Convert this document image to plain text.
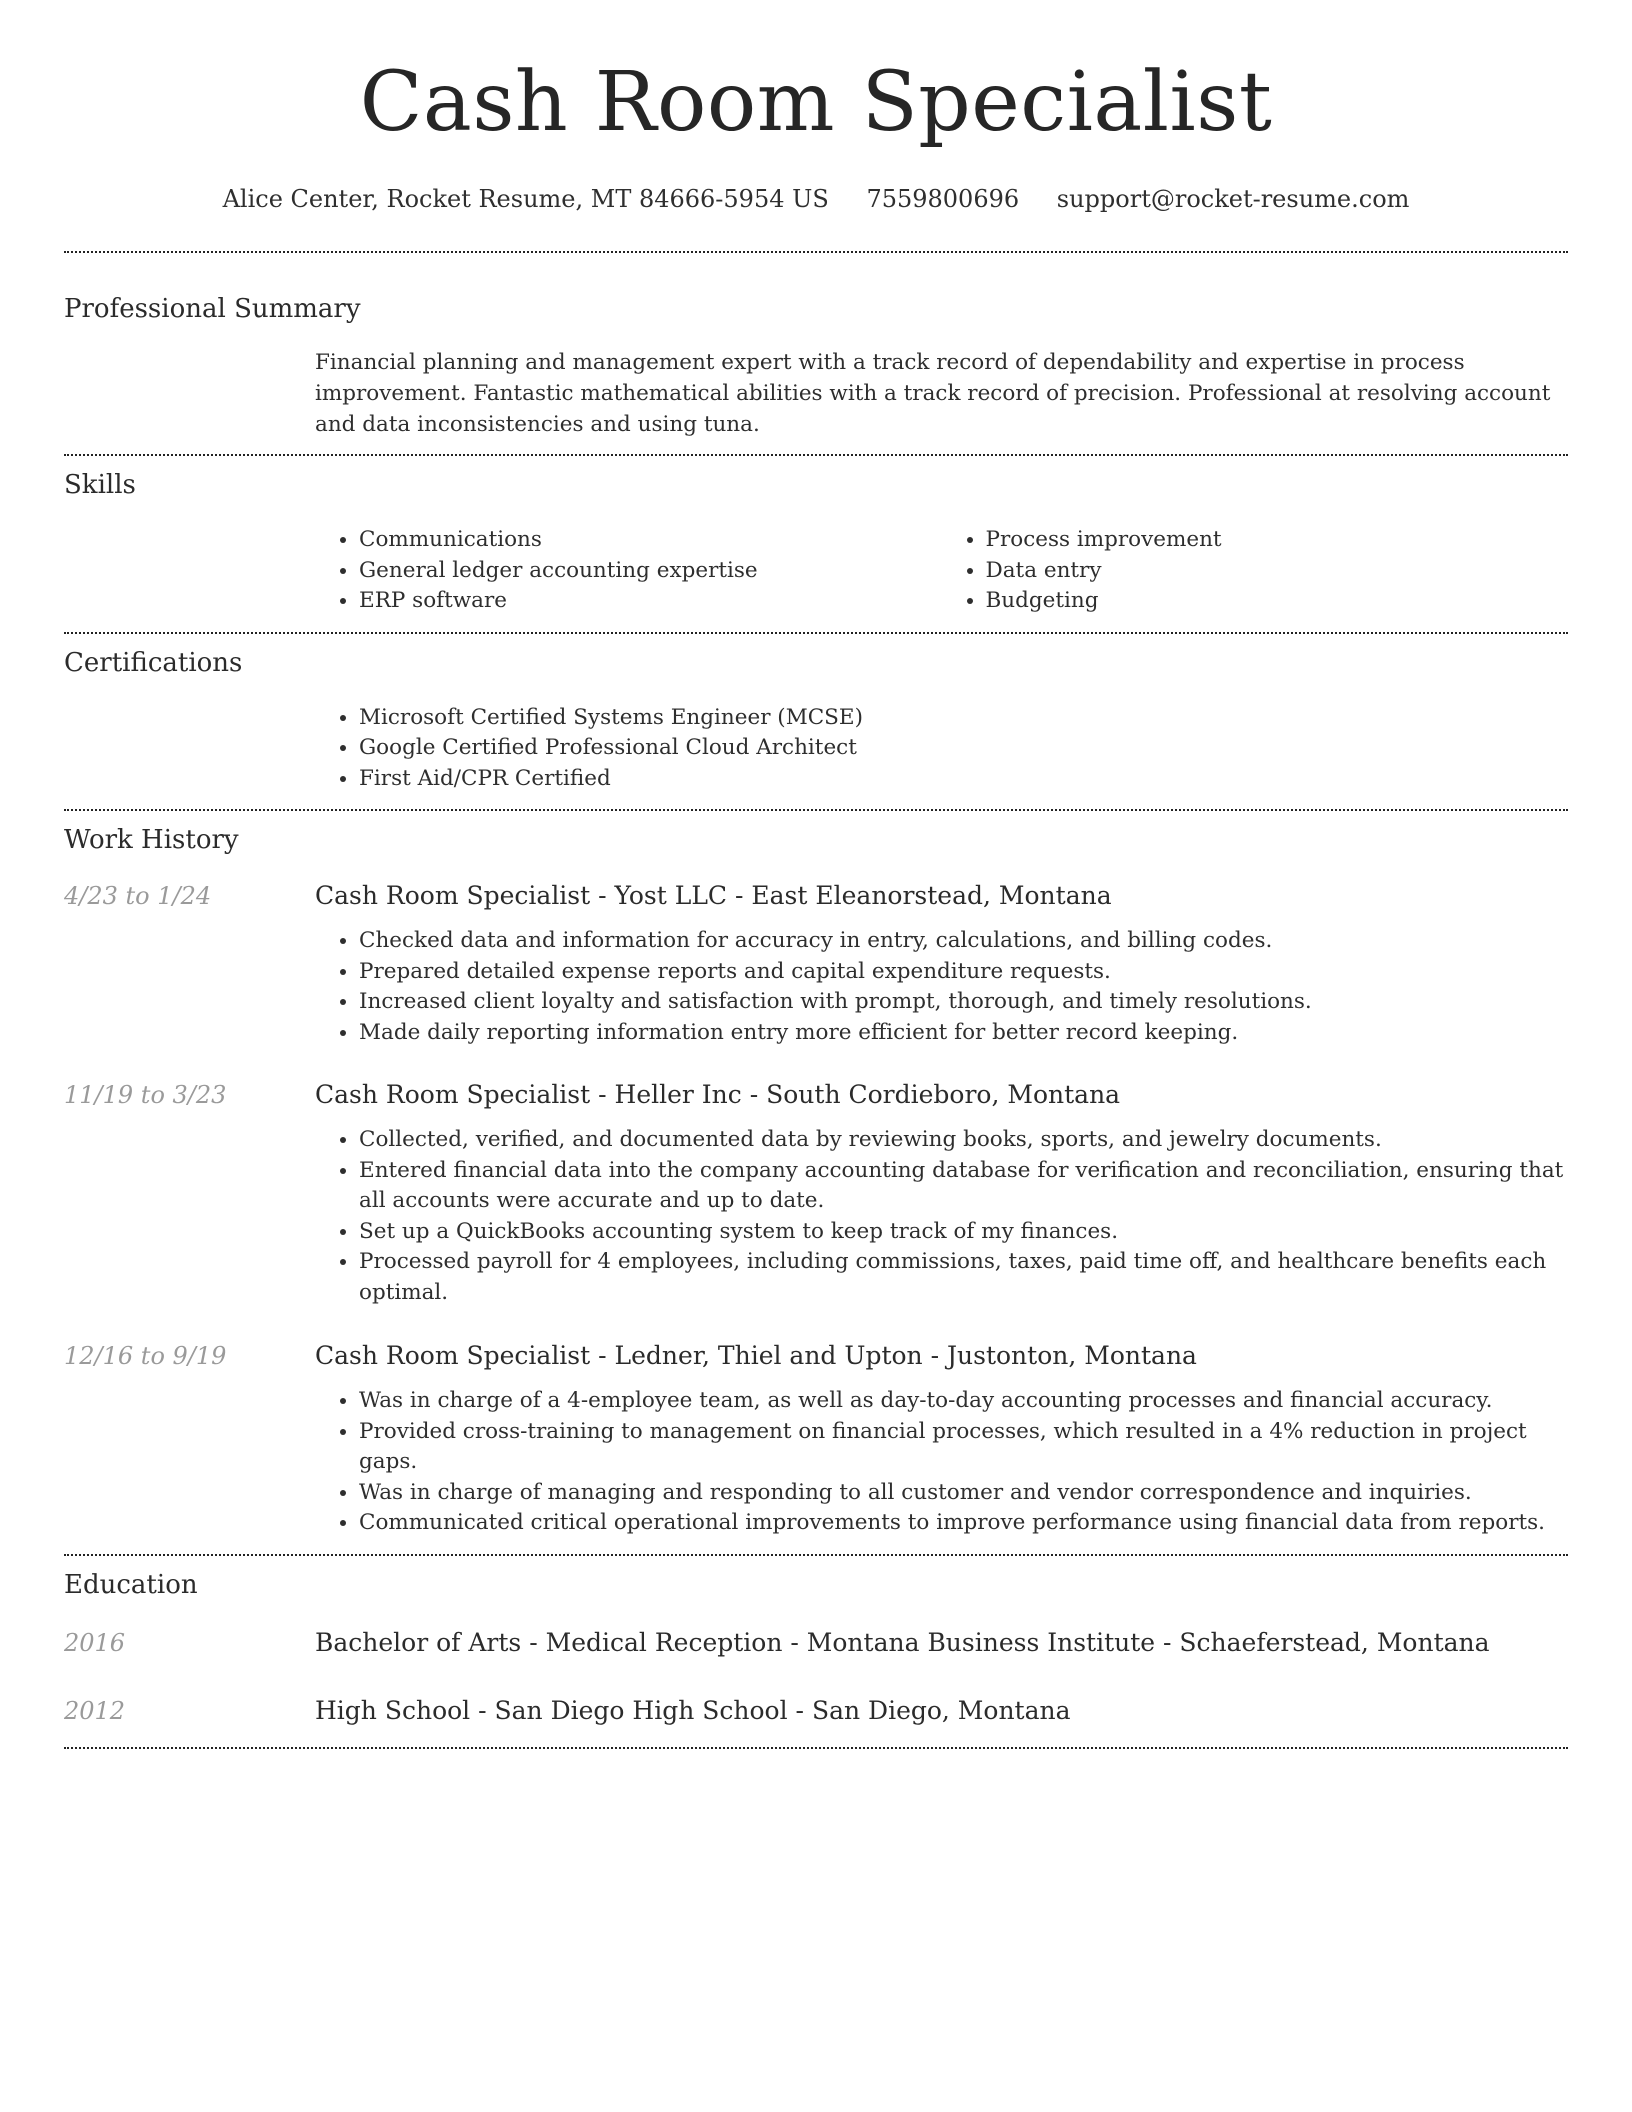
Cash Room Specialist
Alice Center, Rocket Resume, MT 84666-5954 US 7559800696 support@rocket-resume.com
Professional Summary
Financial planning and management expert with a track record of dependability and expertise in process improvement. Fantastic mathematical abilities with a track record of precision. Professional at resolving account and data inconsistencies and using tuna.
Skills
• Communications
• General ledger accounting expertise
• ERP software
• Process improvement
• Data entry
• Budgeting
Certifications
• Microsoft Certified Systems Engineer (MCSE)
• Google Certified Professional Cloud Architect
• First Aid/CPR Certified
Work History
4/23 to 1/24	Cash Room Specialist - Yost LLC - East Eleanorstead, Montana
• Checked data and information for accuracy in entry, calculations, and billing codes.
• Prepared detailed expense reports and capital expenditure requests.
• Increased client loyalty and satisfaction with prompt, thorough, and timely resolutions.
• Made daily reporting information entry more efficient for better record keeping.
11/19 to 3/23	Cash Room Specialist - Heller Inc - South Cordieboro, Montana
• Collected, verified, and documented data by reviewing books, sports, and jewelry documents.
• Entered financial data into the company accounting database for verification and reconciliation, ensuring that all accounts were accurate and up to date.
• Set up a QuickBooks accounting system to keep track of my finances.
• Processed payroll for 4 employees, including commissions, taxes, paid time off, and healthcare benefits each optimal.
12/16 to 9/19	Cash Room Specialist - Ledner, Thiel and Upton - Justonton, Montana
• Was in charge of a 4-employee team, as well as day-to-day accounting processes and financial accuracy.
• Provided cross-training to management on financial processes, which resulted in a 4% reduction in project gaps.
• Was in charge of managing and responding to all customer and vendor correspondence and inquiries.
• Communicated critical operational improvements to improve performance using financial data from reports.
Education
2016	Bachelor of Arts - Medical Reception - Montana Business Institute - Schaeferstead, Montana
2012	High School - San Diego High School - San Diego, Montana
